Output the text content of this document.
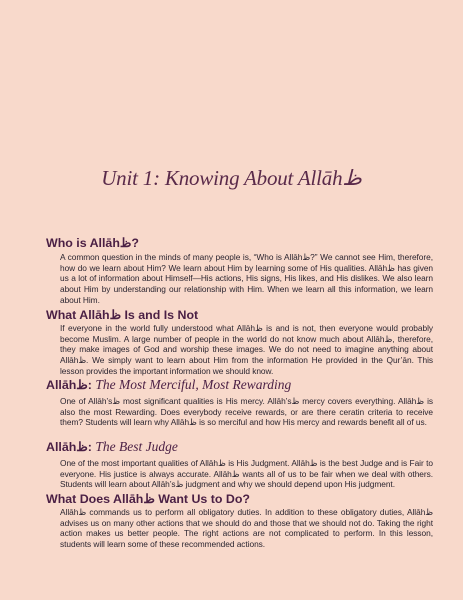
Unit 1: Knowing About Allāhظ
Who is Allāhظ?
A common question in the minds of many people is, “Who is Allāhظ?” We cannot see Him, therefore, how do we learn about Him? We learn about Him by learning some of His qualities. Allāhظ has given us a lot of information about Himself—His actions, His signs, His likes, and His dislikes. We also learn about Him by understanding our relationship with Him. When we learn all this information, we learn about Him.
What Allāhظ Is and Is Not
If everyone in the world fully understood what Allāhظ is and is not, then everyone would probably become Muslim. A large number of people in the world do not know much about Allāhظ, therefore, they make images of God and worship these images. We do not need to imagine anything about Allāhظ. We simply want to learn about Him from the information He provided in the Qur’ān. This lesson provides the important information we should know.
Allāhظ: The Most Merciful, Most Rewarding
One of Allāh’sظ most significant qualities is His mercy. Allāh’sظ mercy covers everything. Allāhظ is also the most Rewarding. Does everybody receive rewards, or are there ceratin criteria to receive them? Students will learn why Allāhظ is so merciful and how His mercy and rewards benefit all of us.
Allāhظ: The Best Judge
One of the most important qualities of Allāhظ is His Judgment. Allāhظ is the best Judge and is Fair to everyone. His justice is always accurate. Allāhظ wants all of us to be fair when we deal with others. Students will learn about Allāh’sظ judgment and why we should depend upon His judgment.
What Does Allāhظ Want Us to Do?
Allāhظ commands us to perform all obligatory duties. In addition to these obligatory duties, Allāhظ advises us on many other actions that we should do and those that we should not do. Taking the right action makes us better people. The right actions are not complicated to perform. In this lesson, students will learn some of these recommended actions.
